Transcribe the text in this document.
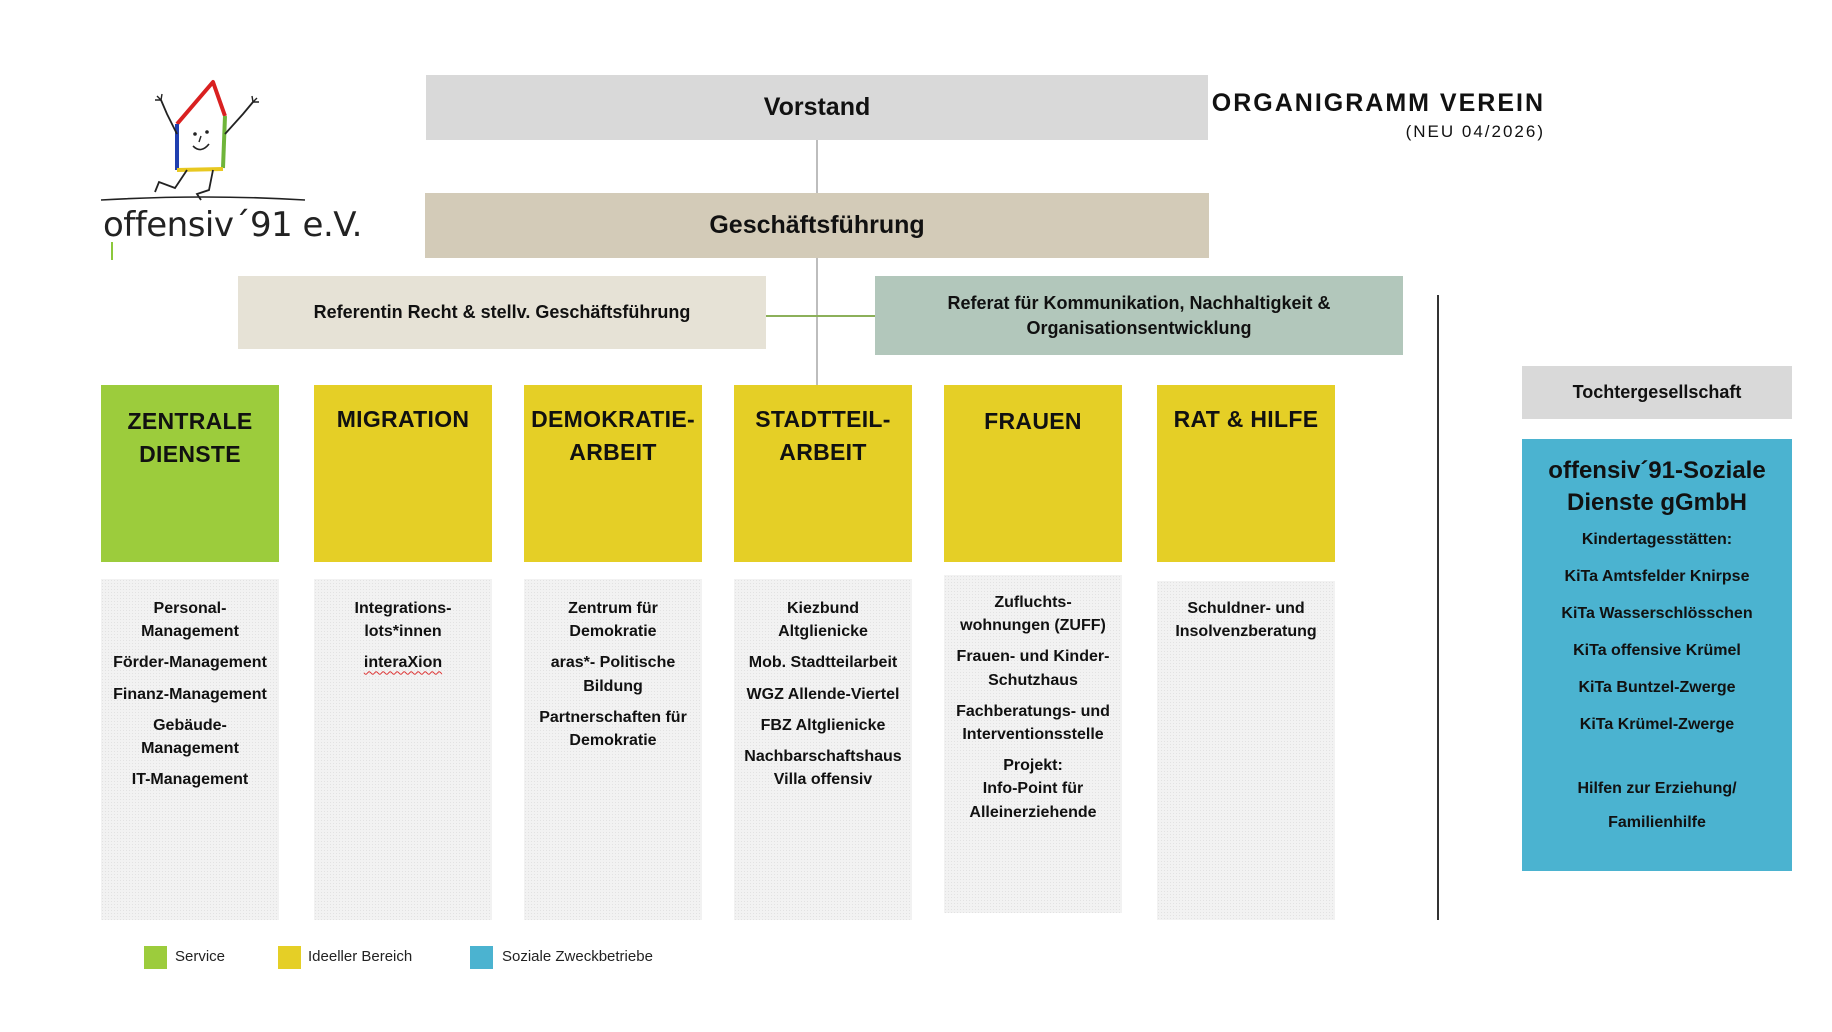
offensiv´91 e.V.
ORGANIGRAMM VEREIN
(NEU 04/2026)
Vorstand
Geschäftsführung
Referentin Recht & stellv. Geschäftsführung	Referat für Kommunikation, Nachhaltigkeit &
Organisationsentwicklung
ZENTRALE
DIENSTE
MIGRATION	DEMOKRATIE-
ARBEIT
STADTTEIL-
ARBEIT
FRAUEN	RAT & HILFE
Personal-
Management
Förder-Management
Finanz-Management
Gebäude-
Management
IT-Management
Integrations-
lots*innen
interaXion
Zentrum für
Demokratie
aras*- Politische
Bildung
Partnerschaften für
Demokratie
Kiezbund
Altglienicke
Mob. Stadtteilarbeit
WGZ Allende-Viertel
FBZ Altglienicke
Nachbarschaftshaus
Villa offensiv
Zufluchts-
wohnungen (ZUFF)
Frauen- und Kinder-
Schutzhaus
Fachberatungs- und
Interventionsstelle
Projekt:
Info-Point für
Alleinerziehende
Schuldner- und
Insolvenzberatung
Tochtergesellschaft
offensiv´91-Soziale
Dienste gGmbH
Kindertagesstätten:
KiTa Amtsfelder Knirpse
KiTa Wasserschlösschen
KiTa offensive Krümel
KiTa Buntzel-Zwerge
KiTa Krümel-Zwerge
Hilfen zur Erziehung/
Familienhilfe
Service	Ideeller Bereich	Soziale Zweckbetriebe
